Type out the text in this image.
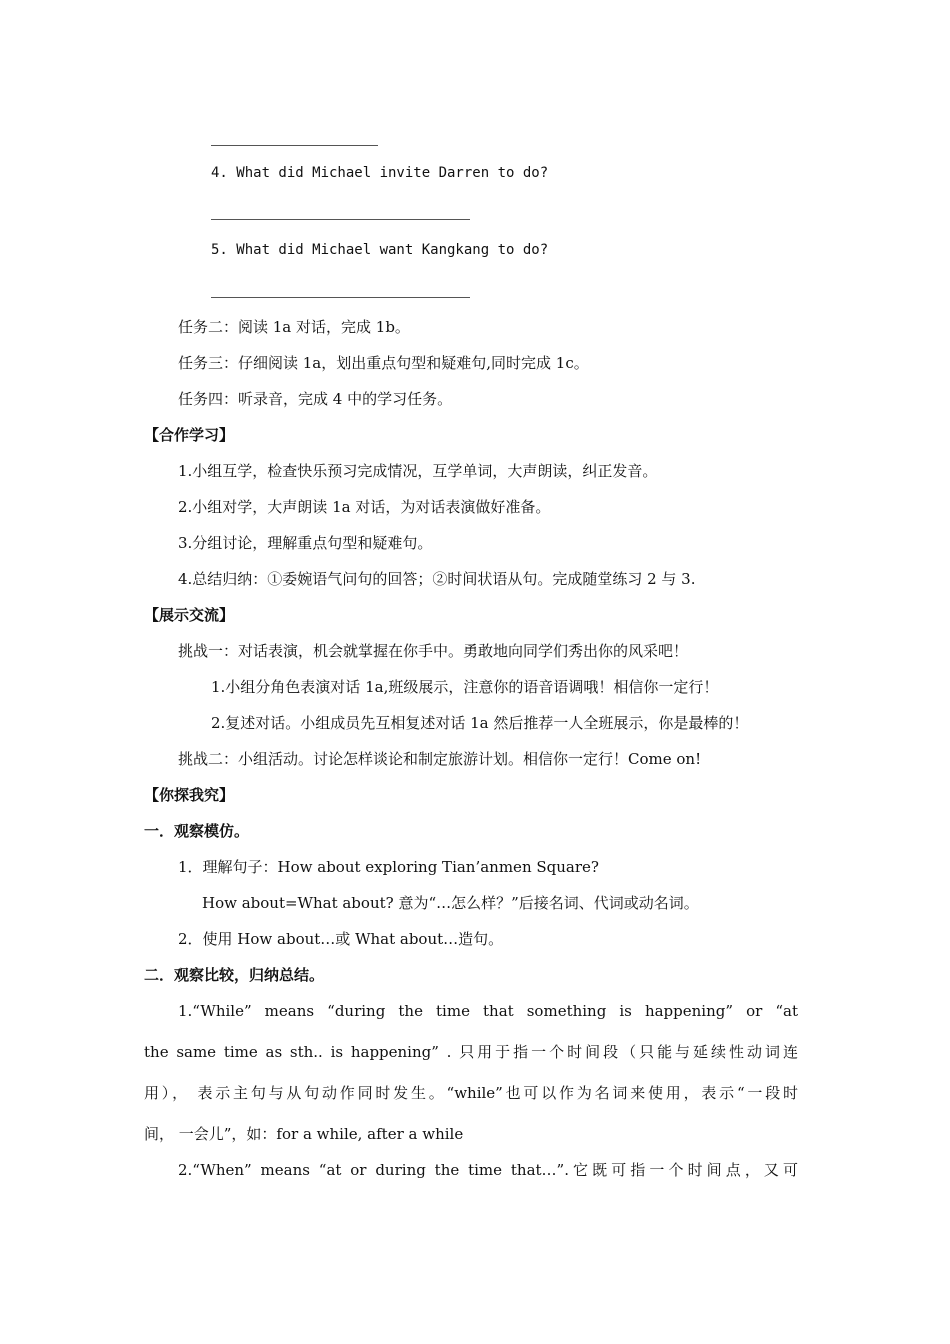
4. What did Michael invite Darren to do?
5. What did Michael want Kangkang to do?
任务二：阅读 1a 对话，完成 1b。
任务三：仔细阅读 1a，划出重点句型和疑难句,同时完成 1c。
任务四：听录音，完成 4 中的学习任务。
【合作学习】
1.小组互学，检查快乐预习完成情况，互学单词，大声朗读，纠正发音。
2.小组对学，大声朗读 1a 对话，为对话表演做好准备。
3.分组讨论，理解重点句型和疑难句。
4.总结归纳：①委婉语气问句的回答；②时间状语从句。完成随堂练习 2 与 3.
【展示交流】
挑战一：对话表演，机会就掌握在你手中。勇敢地向同学们秀出你的风采吧！
1.小组分角色表演对话 1a,班级展示，注意你的语音语调哦！相信你一定行！
2.复述对话。小组成员先互相复述对话 1a 然后推荐一人全班展示，你是最棒的！
挑战二：小组活动。讨论怎样谈论和制定旅游计划。相信你一定行！Come on!
【你探我究】
一．观察模仿。
1．理解句子：How about exploring Tian’anmen Square?
How about=What about? 意为“…怎么样？”后接名词、代词或动名词。
2．使用 How about…或 What about…造句。
二．观察比较，归纳总结。
1.“While” means “during the time that something is happening” or “at
the same time as sth.. is happening” . 只用于指一个时间段（只能与延续性动词连
用）， 表示主句与从句动作同时发生。“while”也可以作为名词来使用，表示“一段时
间， 一会儿”，如：for a while, after a while
2.“When” means “at or during the time that…”.它既可指一个时间点，又可
